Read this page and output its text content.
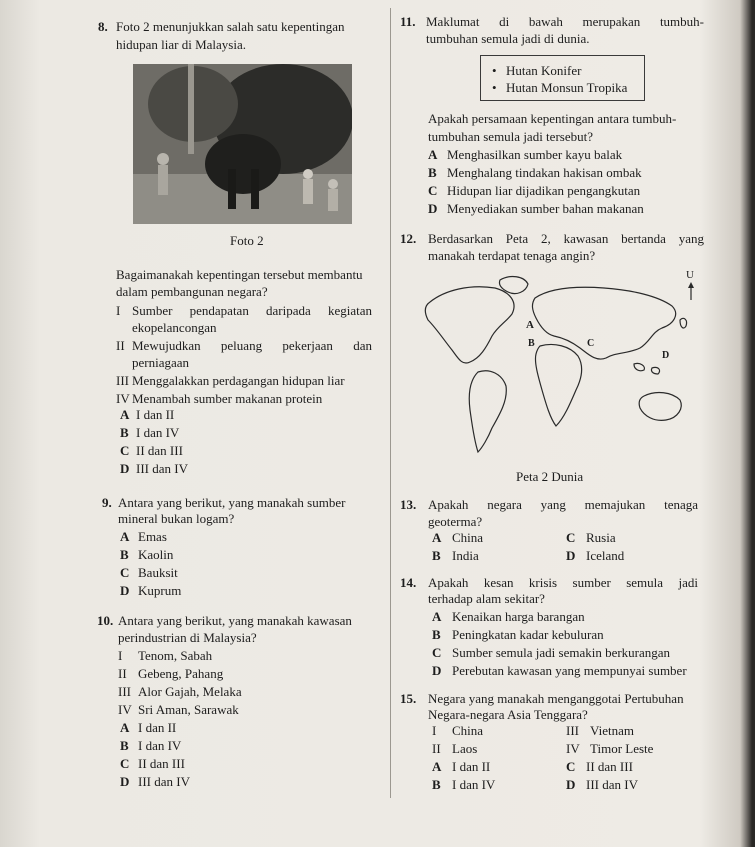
8. Foto 2 menunjukkan salah satu kepentingan
hidupan liar di Malaysia.
Foto 2
Bagaimanakah kepentingan tersebut membantu
dalam pembangunan negara?
I Sumber pendapatan daripada kegiatan
ekopelancongan
II Mewujudkan peluang pekerjaan dan
perniagaan
III Menggalakkan perdagangan hidupan liar
IV Menambah sumber makanan protein
A I dan II
B I dan IV
C II dan III
D III dan IV
9. Antara yang berikut, yang manakah sumber
mineral bukan logam?
A Emas
B Kaolin
C Bauksit
D Kuprum
10. Antara yang berikut, yang manakah kawasan
perindustrian di Malaysia?
I Tenom, Sabah
II Gebeng, Pahang
III Alor Gajah, Melaka
IV Sri Aman, Sarawak
A I dan II
B I dan IV
C II dan III
D III dan IV
11. Maklumat di bawah merupakan tumbuh-
tumbuhan semula jadi di dunia.
• Hutan Konifer
• Hutan Monsun Tropika
Apakah persamaan kepentingan antara tumbuh-
tumbuhan semula jadi tersebut?
A Menghasilkan sumber kayu balak
B Menghalang tindakan hakisan ombak
C Hidupan liar dijadikan pengangkutan
D Menyediakan sumber bahan makanan
12. Berdasarkan Peta 2, kawasan bertanda yang
manakah terdapat tenaga angin?
U
A
B	C
D
Peta 2 Dunia
13. Apakah negara yang memajukan tenaga
geoterma?
A China
B India
C Rusia
D Iceland
14. Apakah kesan krisis sumber semula jadi
terhadap alam sekitar?
A Kenaikan harga barangan
B Peningkatan kadar kebuluran
C Sumber semula jadi semakin berkurangan
D Perebutan kawasan yang mempunyai sumber
15. Negara yang manakah menganggotai Pertubuhan
Negara-negara Asia Tenggara?
I China
II Laos
III Vietnam
IV Timor Leste
A I dan II
B I dan IV
C II dan III
D III dan IV
